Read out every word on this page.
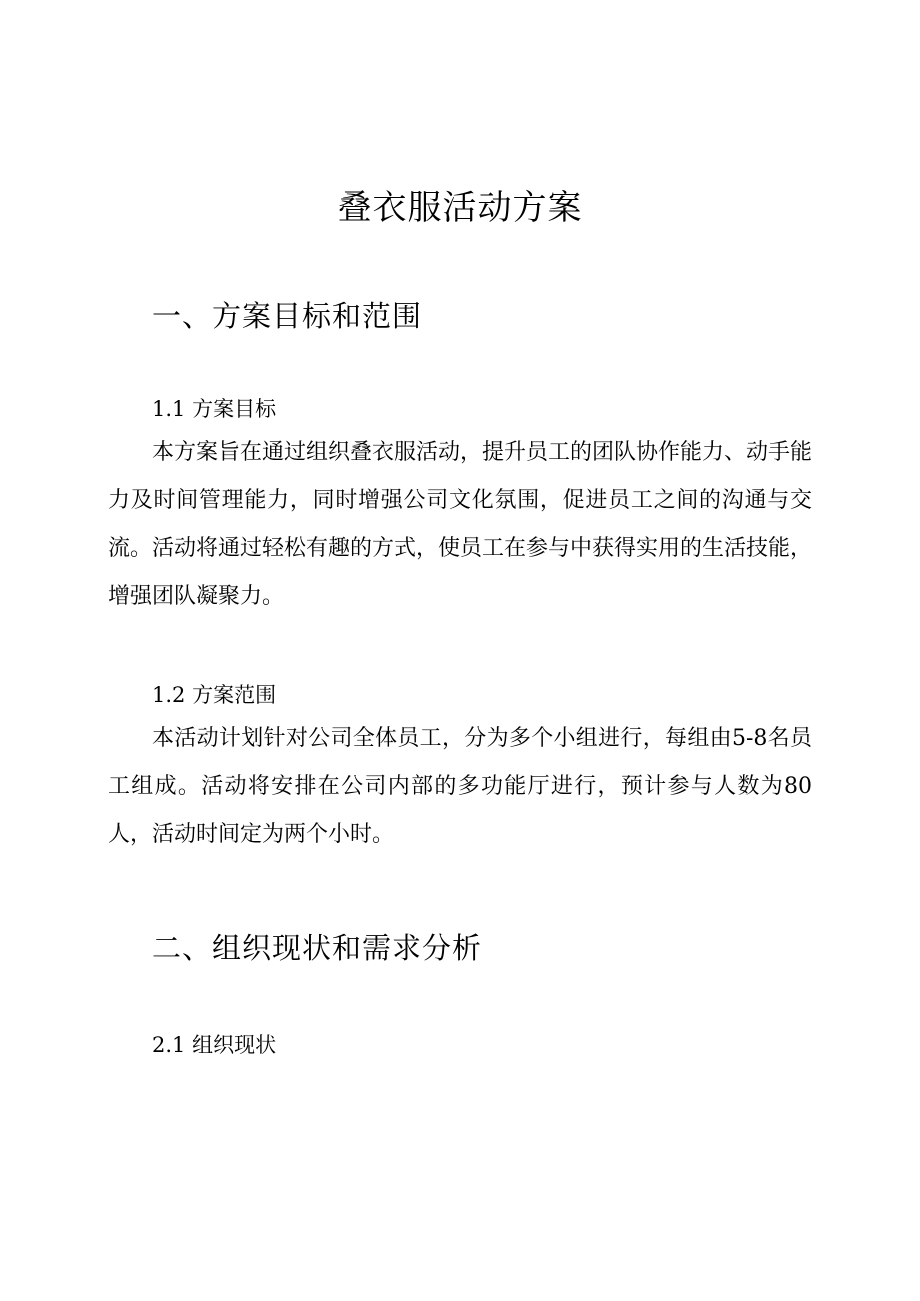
叠衣服活动方案
一、方案目标和范围
1.1 方案目标

本方案旨在通过组织叠衣服活动，提升员工的团队协作能力、动手能力及时间管理能力，同时增强公司文化氛围，促进员工之间的沟通与交流。活动将通过轻松有趣的方式，使员工在参与中获得实用的生活技能，增强团队凝聚力。

1.2 方案范围

本活动计划针对公司全体员工，分为多个小组进行，每组由5-8名员工组成。活动将安排在公司内部的多功能厅进行，预计参与人数为80人，活动时间定为两个小时。

二、组织现状和需求分析
2.1 组织现状
